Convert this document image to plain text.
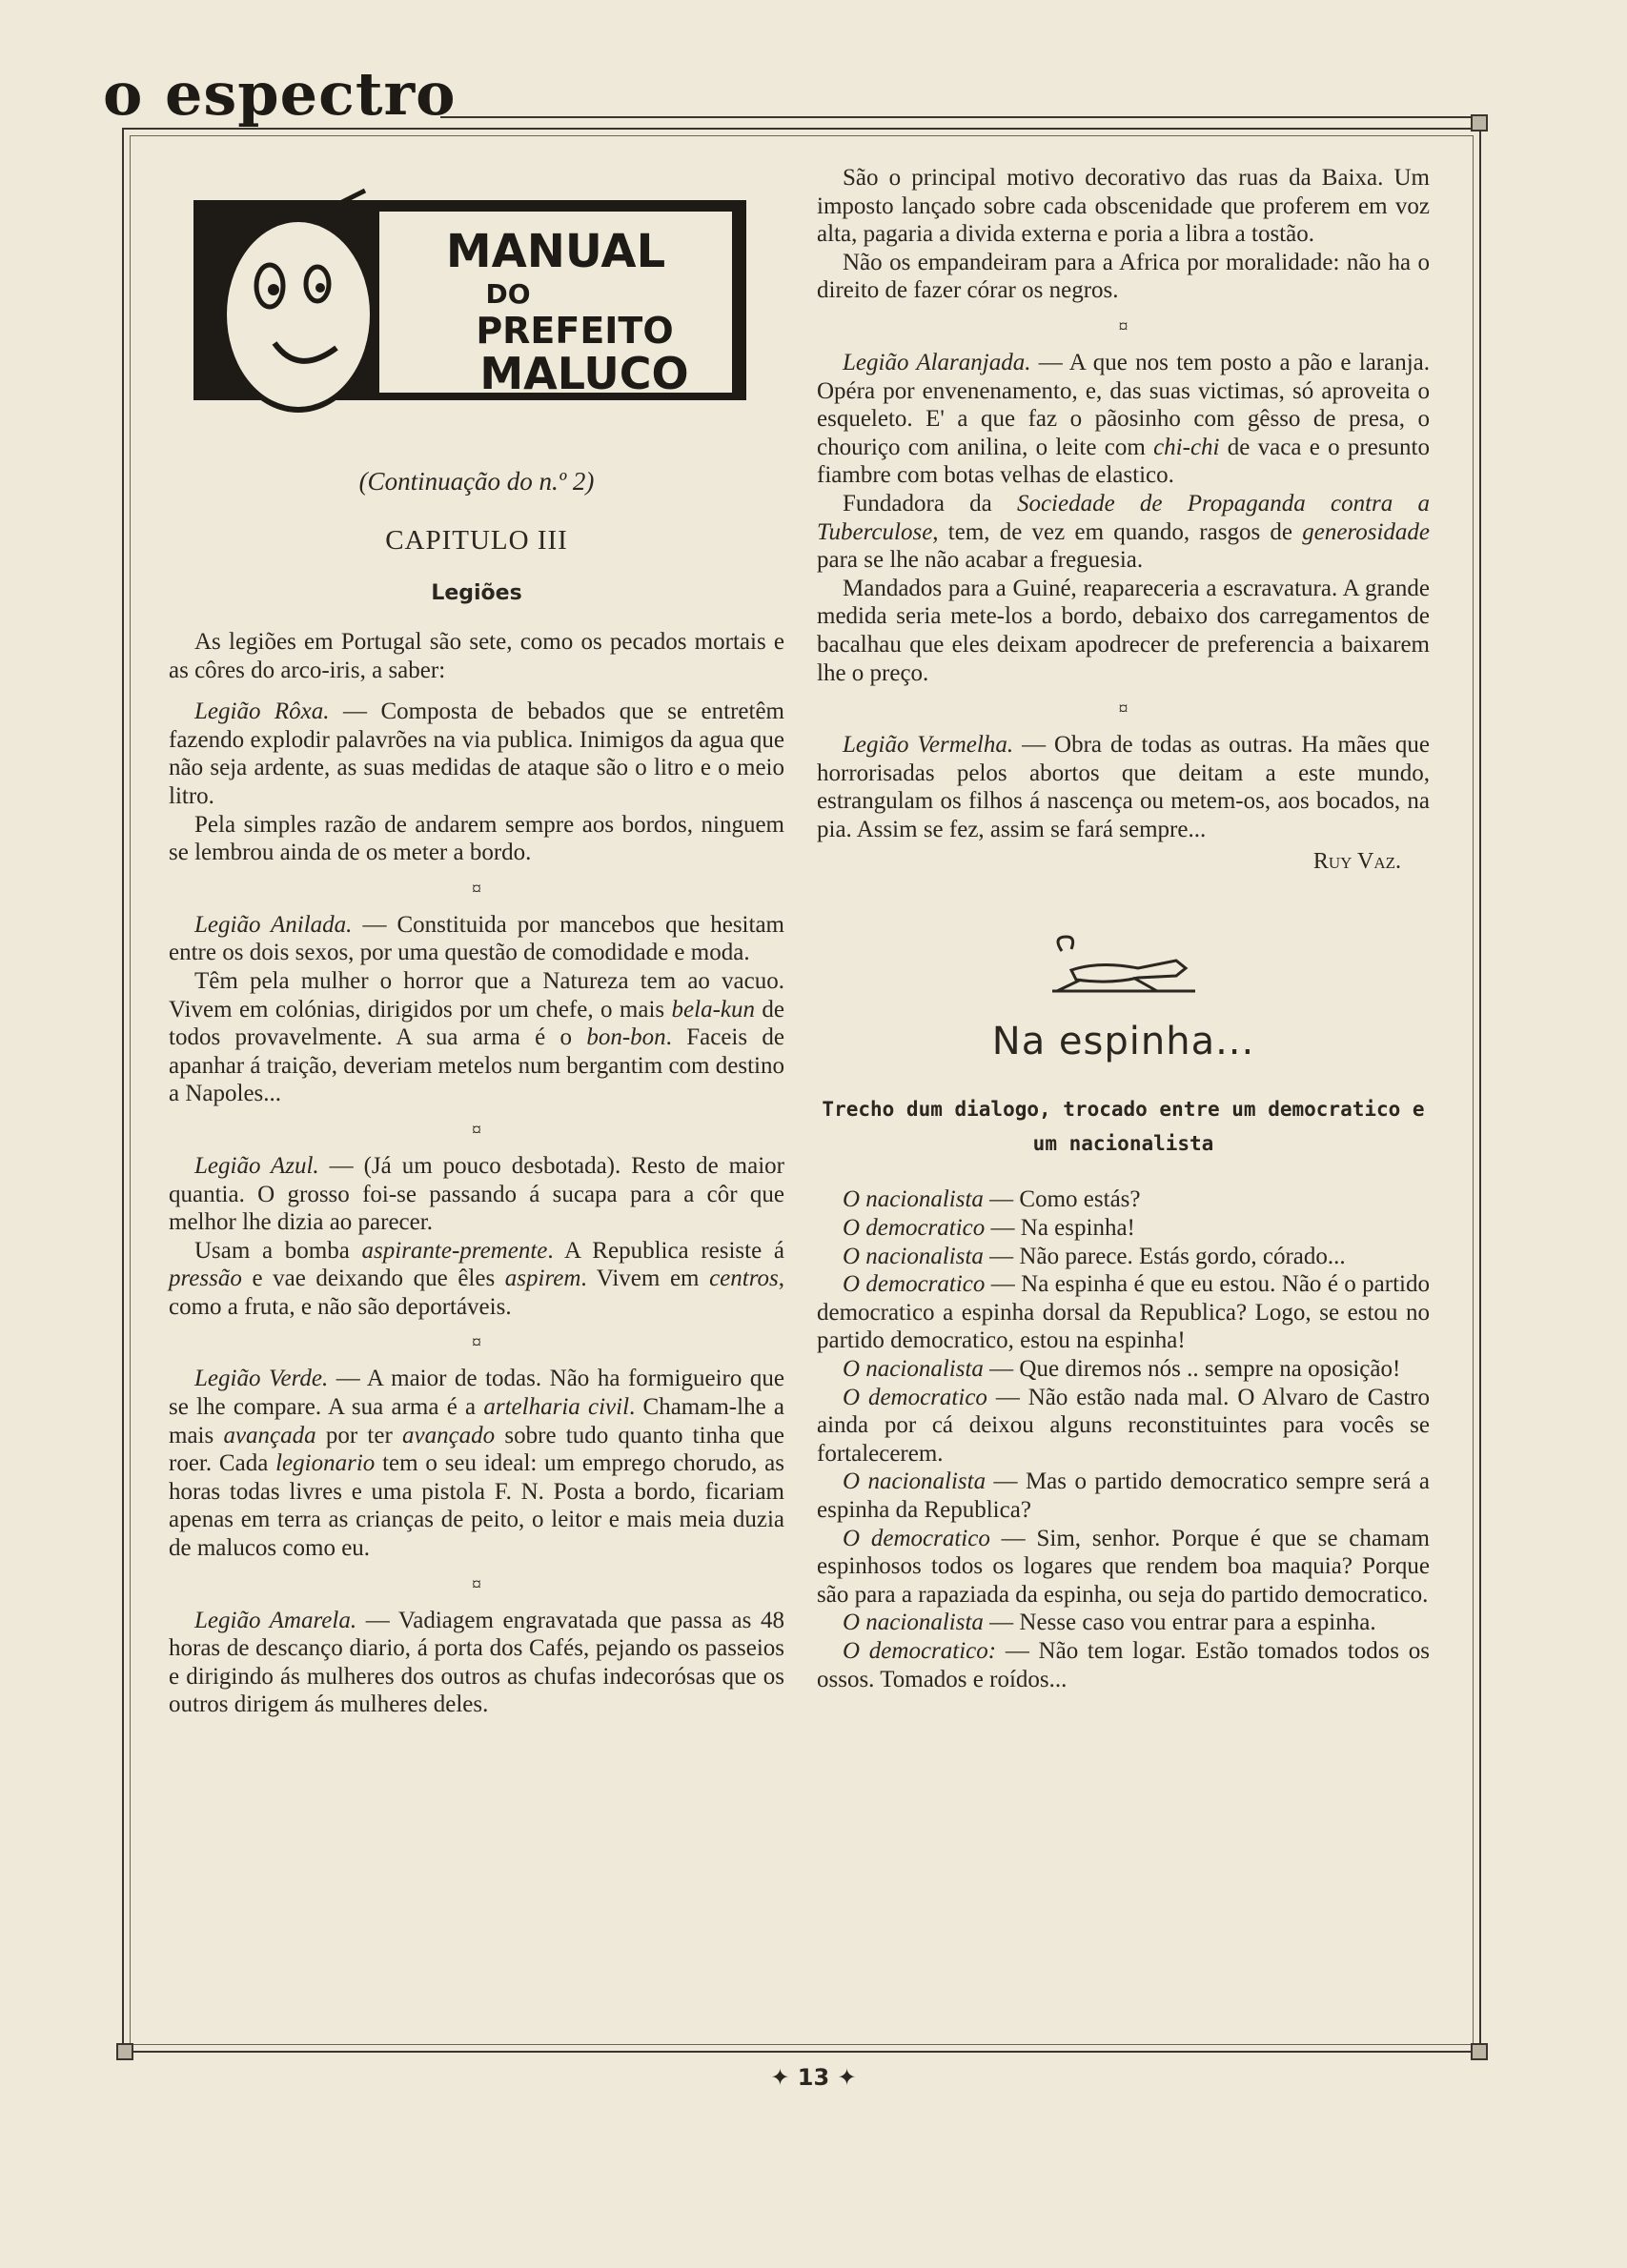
o espectro
MANUAL
DO
PREFEITO
MALUCO
(Continuação do n.º 2)
CAPITULO III
Legiões

As legiões em Portugal são sete, como os pecados mortais e as côres do arco-iris, a saber:

Legião Rôxa. — Composta de bebados que se entretêm fazendo explodir palavrões na via publica. Inimigos da agua que não seja ardente, as suas medidas de ataque são o litro e o meio litro.

Pela simples razão de andarem sempre aos bordos, ninguem se lembrou ainda de os meter a bordo.

¤

Legião Anilada. — Constituida por mancebos que hesitam entre os dois sexos, por uma questão de comodidade e moda.

Têm pela mulher o horror que a Natureza tem ao vacuo. Vivem em colónias, dirigidos por um chefe, o mais bela-kun de todos provavelmente. A sua arma é o bon-bon. Faceis de apanhar á traição, deveriam metelos num bergantim com destino a Napoles...

¤

Legião Azul. — (Já um pouco desbotada). Resto de maior quantia. O grosso foi-se passando á sucapa para a côr que melhor lhe dizia ao parecer.

Usam a bomba aspirante-premente. A Republica resiste á pressão e vae deixando que êles aspirem. Vivem em centros, como a fruta, e não são deportáveis.

¤

Legião Verde. — A maior de todas. Não ha formigueiro que se lhe compare. A sua arma é a artelharia civil. Chamam-lhe a mais avançada por ter avançado sobre tudo quanto tinha que roer. Cada legionario tem o seu ideal: um emprego chorudo, as horas todas livres e uma pistola F. N. Posta a bordo, ficariam apenas em terra as crianças de peito, o leitor e mais meia duzia de malucos como eu.

¤

Legião Amarela. — Vadiagem engravatada que passa as 48 horas de descanço diario, á porta dos Cafés, pejando os passeios e dirigindo ás mulheres dos outros as chufas indecorósas que os outros dirigem ás mulheres deles.

São o principal motivo decorativo das ruas da Baixa. Um imposto lançado sobre cada obscenidade que proferem em voz alta, pagaria a divida externa e poria a libra a tostão.

Não os empandeiram para a Africa por moralidade: não ha o direito de fazer córar os negros.

¤

Legião Alaranjada. — A que nos tem posto a pão e laranja. Opéra por envenenamento, e, das suas victimas, só aproveita o esqueleto. E' a que faz o pãosinho com gêsso de presa, o chouriço com anilina, o leite com chi-chi de vaca e o presunto fiambre com botas velhas de elastico.

Fundadora da Sociedade de Propaganda contra a Tuberculose, tem, de vez em quando, rasgos de generosidade para se lhe não acabar a freguesia.

Mandados para a Guiné, reapareceria a escravatura. A grande medida seria mete-los a bordo, debaixo dos carregamentos de bacalhau que eles deixam apodrecer de preferencia a baixarem lhe o preço.

¤

Legião Vermelha. — Obra de todas as outras. Ha mães que horrorisadas pelos abortos que deitam a este mundo, estrangulam os filhos á nascença ou metem-os, aos bocados, na pia. Assim se fez, assim se fará sempre...

Ruy Vaz.
Na espinha...
Trecho dum dialogo, trocado entre um democratico e um nacionalista

O nacionalista — Como estás?

O democratico — Na espinha!

O nacionalista — Não parece. Estás gordo, córado...

O democratico — Na espinha é que eu estou. Não é o partido democratico a espinha dorsal da Republica? Logo, se estou no partido democratico, estou na espinha!

O nacionalista — Que diremos nós .. sempre na oposição!

O democratico — Não estão nada mal. O Alvaro de Castro ainda por cá deixou alguns reconstituintes para vocês se fortalecerem.

O nacionalista — Mas o partido democratico sempre será a espinha da Republica?

O democratico — Sim, senhor. Porque é que se chamam espinhosos todos os logares que rendem boa maquia? Porque são para a rapaziada da espinha, ou seja do partido democratico.

O nacionalista — Nesse caso vou entrar para a espinha.

O democratico: — Não tem logar. Estão tomados todos os ossos. Tomados e roídos...

✦ 13 ✦
